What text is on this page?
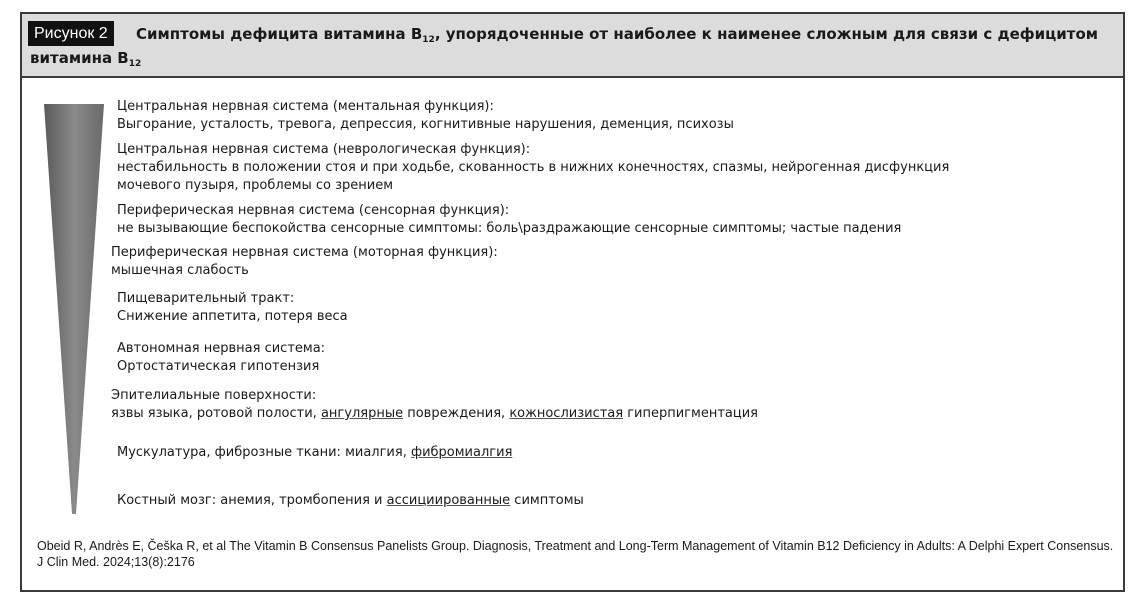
Рисунок 2	Симптомы дефицита витамина $B_{12}$, упорядоченные от наиболее к наименее сложным для связи с дефицитом витамина $B_{12}$
Центральная нервная система (ментальная функция):
Выгорание, усталость, тревога, депрессия, когнитивные нарушения, деменция, психозы
Центральная нервная система (неврологическая функция):
нестабильность в положении стоя и при ходьбе, скованность в нижних конечностях, спазмы, нейрогенная дисфункция
мочевого пузыря, проблемы со зрением
Периферическая нервная система (сенсорная функция):
не вызывающие беспокойства сенсорные симптомы: боль\раздражающие сенсорные симптомы; частые падения
Периферическая нервная система (моторная функция):
мышечная слабость
Пищеварительный тракт:
Снижение аппетита, потеря веса
Автономная нервная система:
Ортостатическая гипотензия
Эпителиальные поверхности:
язвы языка, ротовой полости, ангулярные повреждения, кожнослизистая гиперпигментация
Мускулатура, фиброзные ткани: миалгия, фибромиалгия
Костный мозг: анемия, тромбопения и ассициированные симптомы
Obeid R, Andrès E, Češka R, et al The Vitamin B Consensus Panelists Group. Diagnosis, Treatment and Long-Term Management of Vitamin B12 Deficiency in Adults: A Delphi Expert Consensus. J Clin Med. 2024;13(8):2176
